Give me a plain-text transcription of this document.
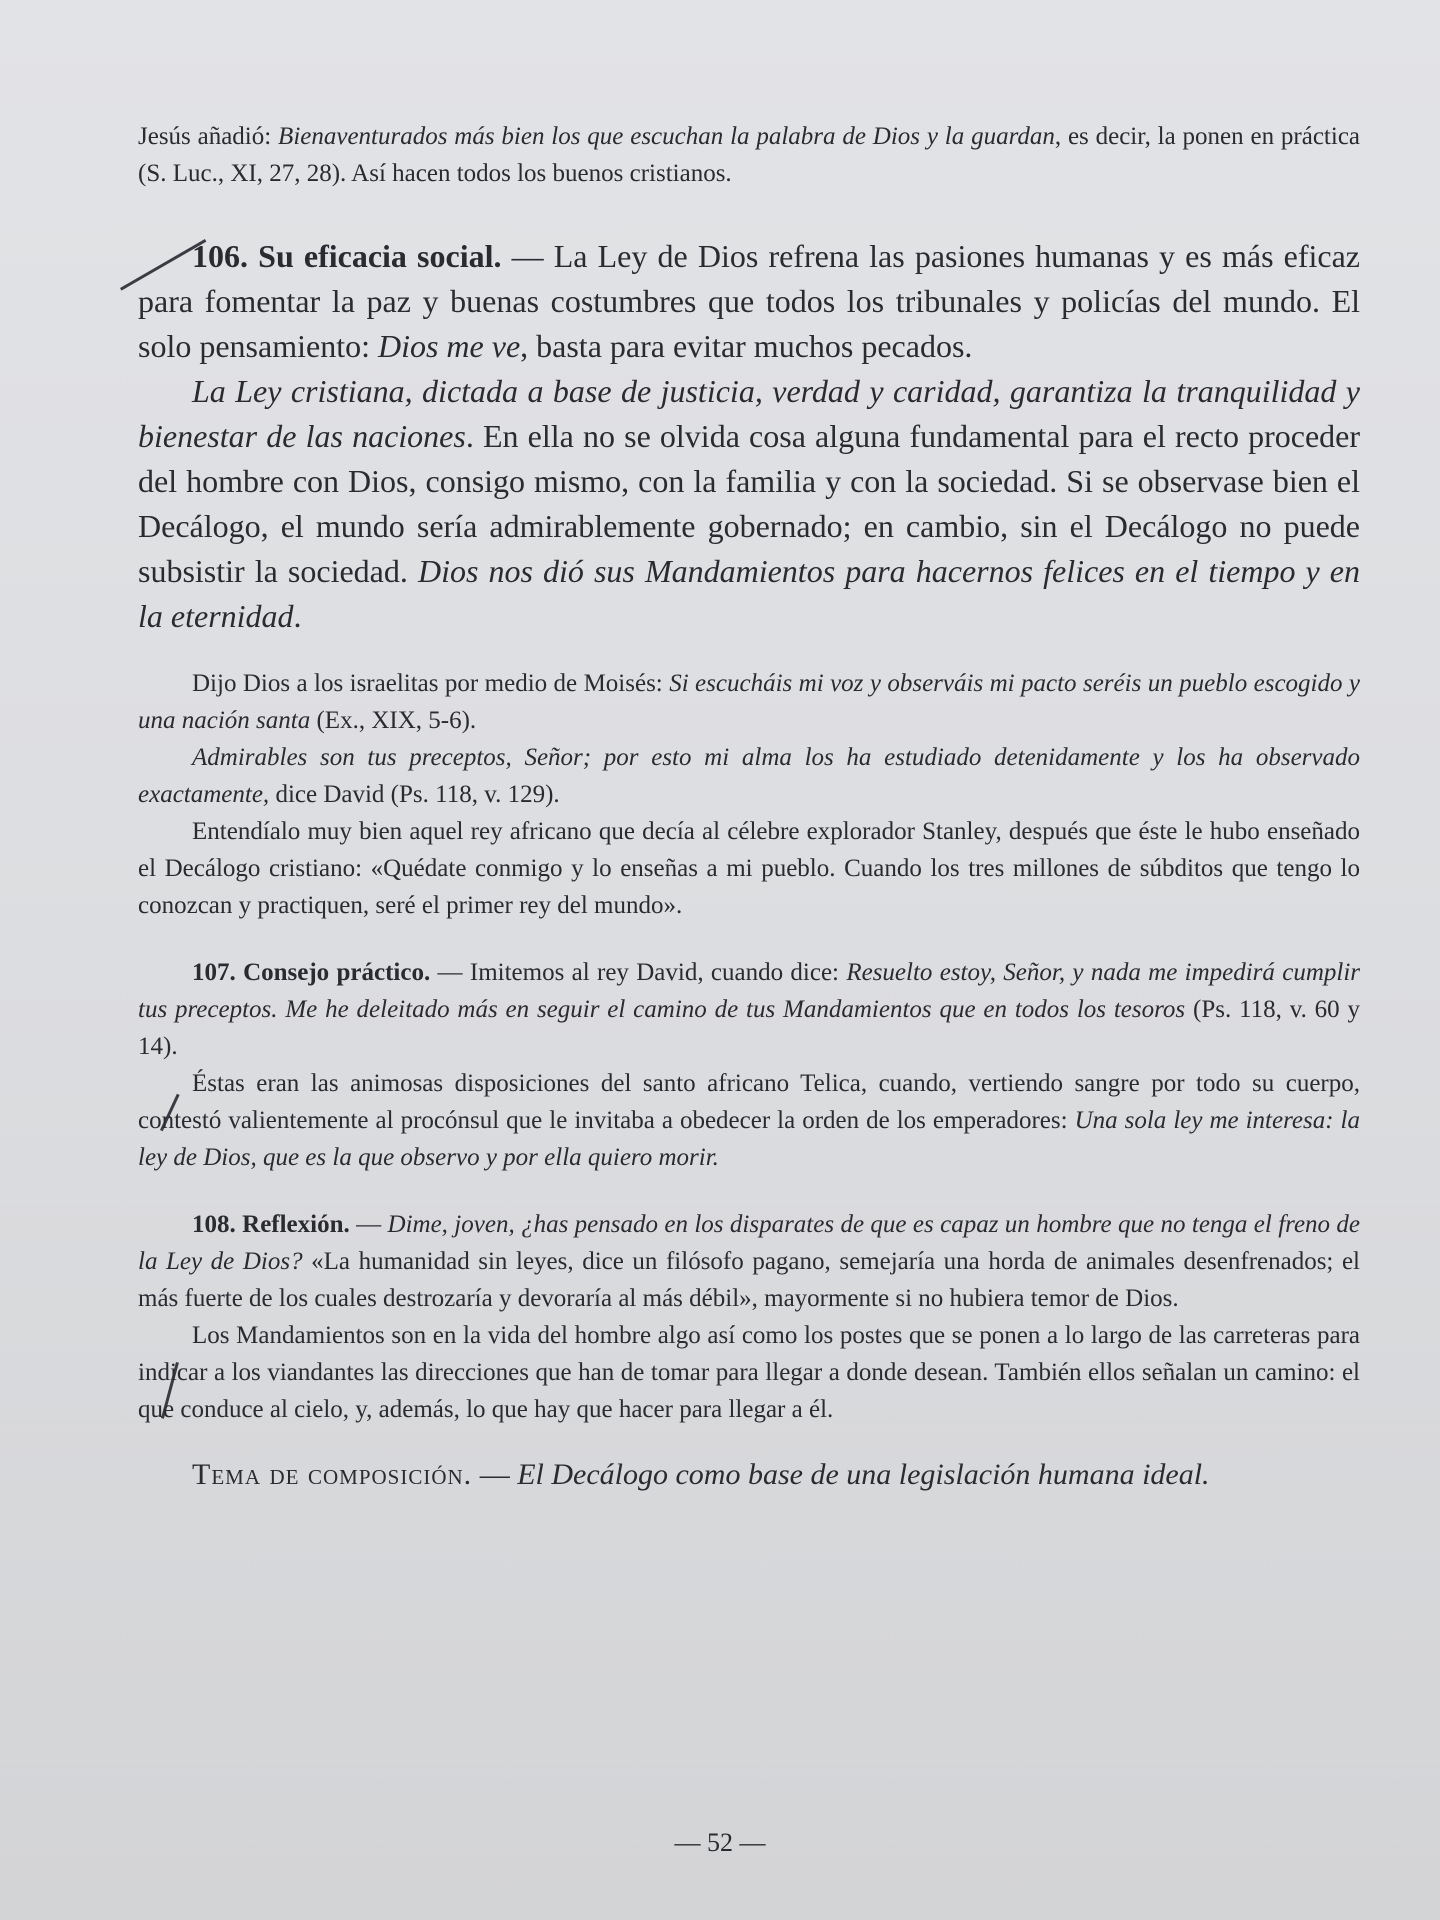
Jesús añadió: Bienaventurados más bien los que escuchan la palabra de Dios y la guardan, es decir, la ponen en práctica (S. Luc., XI, 27, 28). Así hacen todos los buenos cristianos.

106. Su eficacia social. — La Ley de Dios refrena las pasiones humanas y es más eficaz para fomentar la paz y buenas costumbres que todos los tribunales y policías del mundo. El solo pensamiento: Dios me ve, basta para evitar muchos pecados.

La Ley cristiana, dictada a base de justicia, verdad y caridad, garantiza la tranquilidad y bienestar de las naciones. En ella no se olvida cosa alguna fundamental para el recto proceder del hombre con Dios, consigo mismo, con la familia y con la sociedad. Si se observase bien el Decálogo, el mundo sería admirablemente gobernado; en cambio, sin el Decálogo no puede subsistir la sociedad. Dios nos dió sus Mandamientos para hacernos felices en el tiempo y en la eternidad.

Dijo Dios a los israelitas por medio de Moisés: Si escucháis mi voz y observáis mi pacto seréis un pueblo escogido y una nación santa (Ex., XIX, 5-6).

Admirables son tus preceptos, Señor; por esto mi alma los ha estudiado detenidamente y los ha observado exactamente, dice David (Ps. 118, v. 129).

Entendíalo muy bien aquel rey africano que decía al célebre explorador Stanley, después que éste le hubo enseñado el Decálogo cristiano: «Quédate conmigo y lo enseñas a mi pueblo. Cuando los tres millones de súbditos que tengo lo conozcan y practiquen, seré el primer rey del mundo».

107. Consejo práctico. — Imitemos al rey David, cuando dice: Resuelto estoy, Señor, y nada me impedirá cumplir tus preceptos. Me he deleitado más en seguir el camino de tus Mandamientos que en todos los tesoros (Ps. 118, v. 60 y 14).

Éstas eran las animosas disposiciones del santo africano Telica, cuando, vertiendo sangre por todo su cuerpo, contestó valientemente al procónsul que le invitaba a obedecer la orden de los emperadores: Una sola ley me interesa: la ley de Dios, que es la que observo y por ella quiero morir.

108. Reflexión. — Dime, joven, ¿has pensado en los disparates de que es capaz un hombre que no tenga el freno de la Ley de Dios? «La humanidad sin leyes, dice un filósofo pagano, semejaría una horda de animales desenfrenados; el más fuerte de los cuales destrozaría y devoraría al más débil», mayormente si no hubiera temor de Dios.

Los Mandamientos son en la vida del hombre algo así como los postes que se ponen a lo largo de las carreteras para indicar a los viandantes las direcciones que han de tomar para llegar a donde desean. También ellos señalan un camino: el que conduce al cielo, y, además, lo que hay que hacer para llegar a él.

Tema de composición. — El Decálogo como base de una legislación humana ideal.

— 52 —
